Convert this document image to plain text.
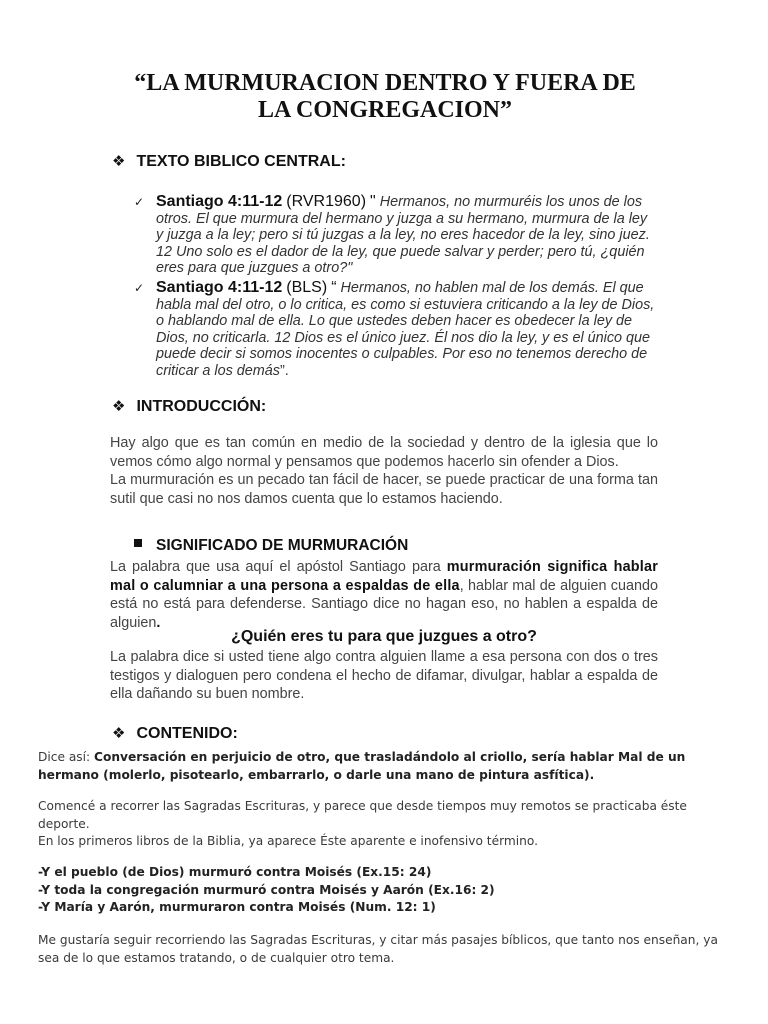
“LA MURMURACION DENTRO Y FUERA DE
LA CONGREGACION”
❖ TEXTO BIBLICO CENTRAL:
✓ Santiago 4:11-12 (RVR1960) " Hermanos, no murmuréis los unos de los otros. El que murmura del hermano y juzga a su hermano, murmura de la ley y juzga a la ley; pero si tú juzgas a la ley, no eres hacedor de la ley, sino juez. 12 Uno solo es el dador de la ley, que puede salvar y perder; pero tú, ¿quién eres para que juzgues a otro?"
✓ Santiago 4:11-12 (BLS) “ Hermanos, no hablen mal de los demás. El que habla mal del otro, o lo critica, es como si estuviera criticando a la ley de Dios, o hablando mal de ella. Lo que ustedes deben hacer es obedecer la ley de Dios, no criticarla. 12 Dios es el único juez. Él nos dio la ley, y es el único que puede decir si somos inocentes o culpables. Por eso no tenemos derecho de criticar a los demás”.
❖ INTRODUCCIÓN:

Hay algo que es tan común en medio de la sociedad y dentro de la iglesia que lo vemos cómo algo normal y pensamos que podemos hacerlo sin ofender a Dios.

La murmuración es un pecado tan fácil de hacer, se puede practicar de una forma tan sutil que casi no nos damos cuenta que lo estamos haciendo.

SIGNIFICADO DE MURMURACIÓN
La palabra que usa aquí el apóstol Santiago para murmuración significa hablar mal o calumniar a una persona a espaldas de ella, hablar mal de alguien cuando está no está para defenderse. Santiago dice no hagan eso, no hablen a espalda de alguien.
¿Quién eres tu para que juzgues a otro?
La palabra dice si usted tiene algo contra alguien llame a esa persona con dos o tres testigos y dialoguen pero condena el hecho de difamar, divulgar, hablar a espalda de ella dañando su buen nombre.
❖ CONTENIDO:

Dice así: Conversación en perjuicio de otro, que trasladándolo al criollo, sería hablar Mal de un hermano (molerlo, pisotearlo, embarrarlo, o darle una mano de pintura asfítica).

Comencé a recorrer las Sagradas Escrituras, y parece que desde tiempos muy remotos se practicaba éste deporte.

En los primeros libros de la Biblia, ya aparece Éste aparente e inofensivo término.

-Y el pueblo (de Dios) murmuró contra Moisés (Ex.15: 24)

-Y toda la congregación murmuró contra Moisés y Aarón (Ex.16: 2)

-Y María y Aarón, murmuraron contra Moisés (Num. 12: 1)

Me gustaría seguir recorriendo las Sagradas Escrituras, y citar más pasajes bíblicos, que tanto nos enseñan, ya sea de lo que estamos tratando, o de cualquier otro tema.
